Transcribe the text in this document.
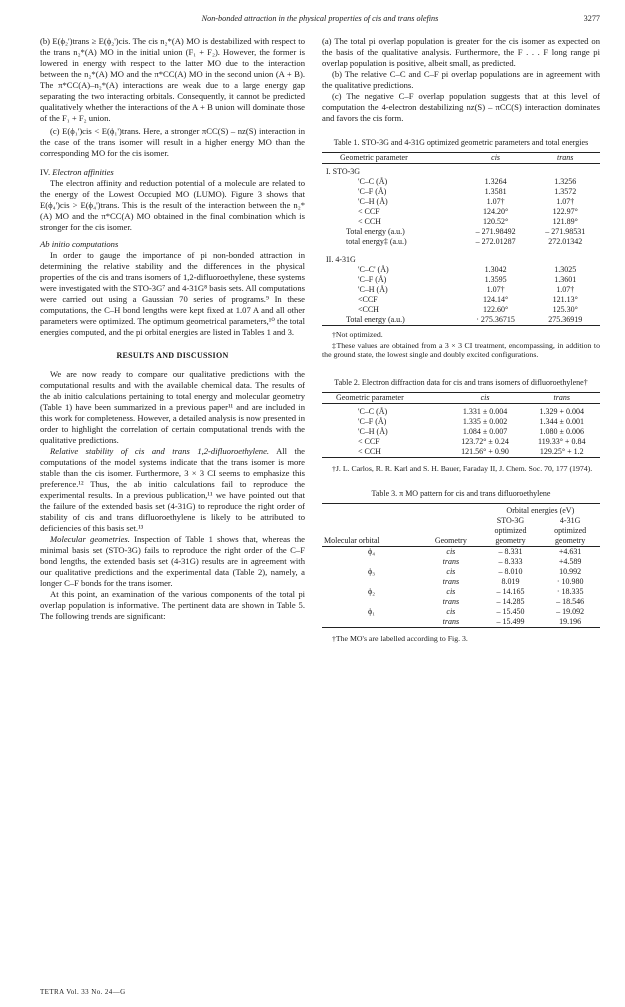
Non-bonded attraction in the physical properties of cis and trans olefins	3277

(b) E(ϕ₂')trans ≥ E(ϕ₂')cis. The cis n₂*(A) MO is destabilized with respect to the trans n₂*(A) MO in the initial union (F₁ + F₂). However, the former is lowered in energy with respect to the latter MO due to the interaction between the n₂*(A) MO and the π*CC(A) MO in the second union (A + B). The π*CC(A)–n₂*(A) interactions are weak due to a large energy gap separating the two interacting orbitals. Consequently, it cannot be predicted qualitatively whether the interactions of the A + B union will dominate those of the F₁ + F₂ union.

(c) E(ϕ₁')cis < E(ϕ₁')trans. Here, a stronger πCC(S) – nz(S) interaction in the case of the trans isomer will result in a higher energy MO than the corresponding MO for the cis isomer.

IV. Electron affinities

The electron affinity and reduction potential of a molecule are related to the energy of the Lowest Occupied MO (LUMO). Figure 3 shows that E(ϕ₄')cis > E(ϕ₄')trans. This is the result of the interaction between the n₂*(A) MO and the π*CC(A) MO obtained in the final combination which is stronger for the cis isomer.

Ab initio computations

In order to gauge the importance of pi non-bonded attraction in determining the relative stability and the differences in the physical properties of the cis and trans isomers of 1,2-difluoroethylene, these systems were investigated with the STO-3G⁷ and 4-31G⁸ basis sets. All computations were carried out using a Gaussian 70 series of programs.⁹ In these computations, the C–H bond lengths were kept fixed at 1.07 A and all other parameters were optimized. The optimum geometrical parameters,¹⁰ the total energies computed, and the pi orbital energies are listed in Tables 1 and 3.

RESULTS AND DISCUSSION

We are now ready to compare our qualitative predictions with the computational results and with the available chemical data. The results of the ab initio calculations pertaining to total energy and molecular geometry (Table 1) have been summarized in a previous paper¹¹ and are included in this work for completeness. However, a detailed analysis is now presented in order to highlight the correlation of certain computational trends with the qualitative predictions.

Relative stability of cis and trans 1,2-difluoroethylene. All the computations of the model systems indicate that the trans isomer is more stable than the cis isomer. Furthermore, 3 × 3 CI seems to emphasize this preference.¹² Thus, the ab initio calculations fail to reproduce the experimental results. In a previous publication,¹¹ we have pointed out that the failure of the extended basis set (4-31G) to reproduce the right order of stability of cis and trans difluoroethylene is likely to be attributed to deficiencies of this basis set.¹³

Molecular geometries. Inspection of Table 1 shows that, whereas the minimal basis set (STO-3G) fails to reproduce the right order of the C–F bond lengths, the extended basis set (4-31G) results are in agreement with our qualitative predictions and the experimental data (Table 2), namely, a longer C–F bonds for the trans isomer.

At this point, an examination of the various components of the total pi overlap population is informative. The pertinent data are shown in Table 5. The following trends are significant:

(a) The total pi overlap population is greater for the cis isomer as expected on the basis of the qualitative analysis. Furthermore, the F . . . F long range pi overlap population is positive, albeit small, as predicted.

(b) The relative C–C and C–F pi overlap populations are in agreement with the qualitative predictions.

(c) The negative C–F overlap population suggests that at this level of computation the 4-electron destabilizing nz(S) – πCC(S) interaction dominates and favors the cis form.

Table 1. STO-3G and 4-31G optimized geometric parameters and total energies
Geometric parameter	cis	trans
I. STO-3G		
'C–C (Å)	1.3264	1.3256
'C–F (Å)	1.3581	1.3572
'C–H (Å)	1.07†	1.07†
< CCF	124.20°	122.97°
< CCH	120.52°	121.89°
Total energy (a.u.)	– 271.98492	– 271.98531
total energy‡ (a.u.)	– 272.01287	272.01342
II. 4-31G		
'C–C' (Å)	1.3042	1.3025
'C–F (Å)	1.3595	1.3601
'C–H (Å)	1.07†	1.07†
<CCF	124.14°	121.13°
<CCH	122.60°	125.30°
Total energy (a.u.)	· 275.36715	275.36919

†Not optimized.

‡These values are obtained from a 3 × 3 CI treatment, encompassing, in addition to the ground state, the lowest single and doubly excited configurations.

Table 2. Electron diffraction data for cis and trans isomers of difluoroethylene†
Geometric parameter	cis	trans
'C–C (Å)	1.331 ± 0.004	1.329 + 0.004
'C–F (Å)	1.335 ± 0.002	1.344 ± 0.001
'C–H (Å)	1.084 ± 0.007	1.080 ± 0.006
< CCF	123.72° ± 0.24	119.33° + 0.84
< CCH	121.56° + 0.90	129.25° + 1.2

†J. L. Carlos, R. R. Karl and S. H. Bauer, Faraday II, J. Chem. Soc. 70, 177 (1974).

Table 3. π MO pattern for cis and trans difluoroethylene
Molecular orbital	Geometry	Orbital energies (eV)	
		STO-3G	4-31G
		optimized	optimized
		geometry	geometry
ϕ₄	cis	– 8.331	+4.631
	trans	– 8.333	+4.589
ϕ₃	cis	– 8.010	10.992
	trans	8.019	· 10.980
ϕ₂	cis	– 14.165	· 18.335
	trans	– 14.285	– 18.546
ϕ₁	cis	– 15.450	– 19.092
	trans	– 15.499	19.196

†The MO's are labelled according to Fig. 3.

TETRA Vol. 33 No. 24—G
